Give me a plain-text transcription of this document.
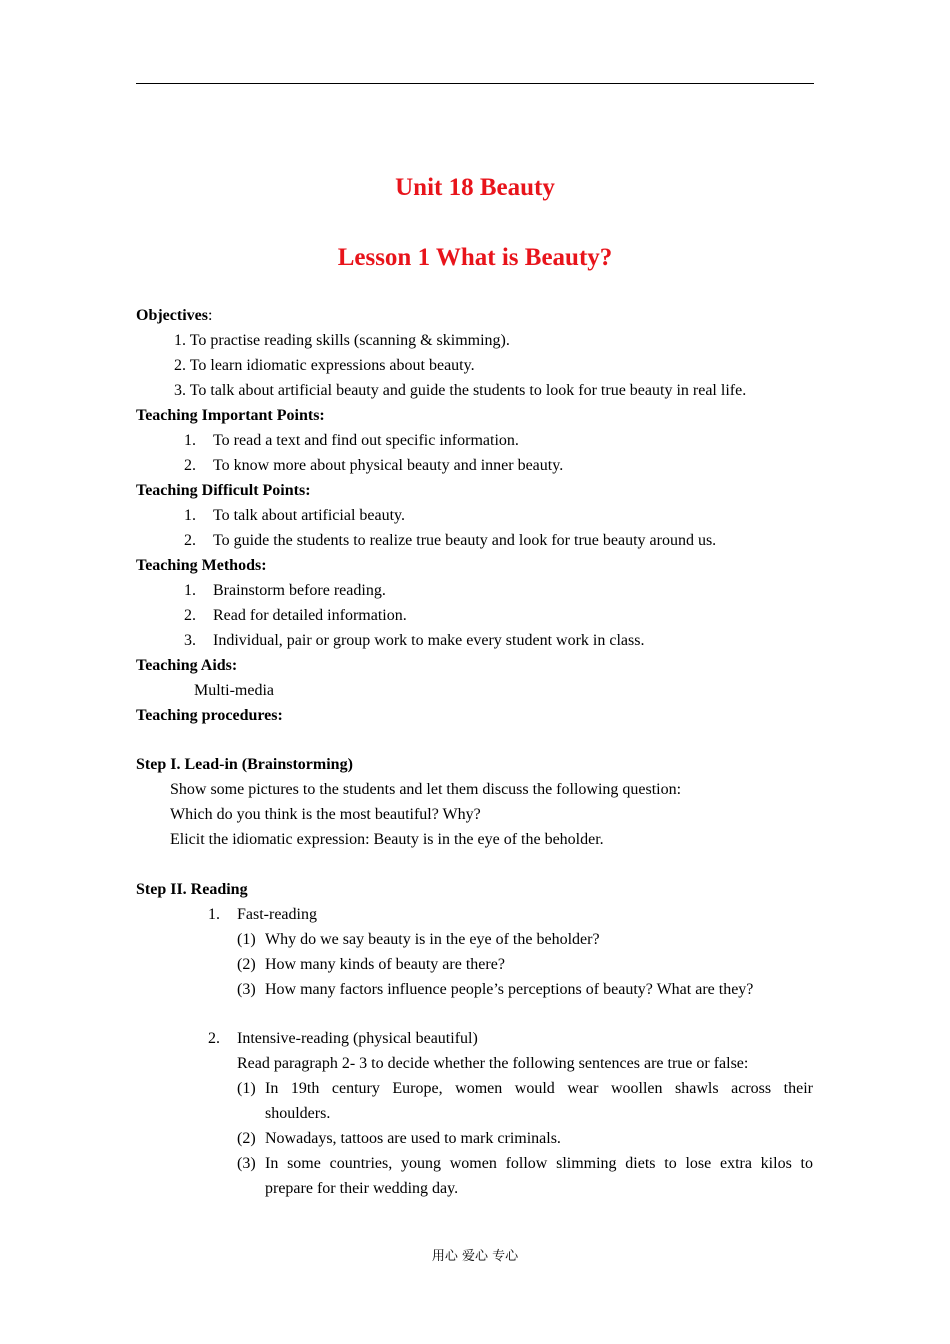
Unit 18 Beauty
Lesson 1 What is Beauty?
Objectives:
1. To practise reading skills (scanning & skimming).
2. To learn idiomatic expressions about beauty.
3. To talk about artificial beauty and guide the students to look for true beauty in real life.
Teaching Important Points:
1. To read a text and find out specific information.
2. To know more about physical beauty and inner beauty.
Teaching Difficult Points:
1. To talk about artificial beauty.
2. To guide the students to realize true beauty and look for true beauty around us.
Teaching Methods:
1. Brainstorm before reading.
2. Read for detailed information.
3. Individual, pair or group work to make every student work in class.
Teaching Aids:
Multi-media
Teaching procedures:
Step I. Lead-in (Brainstorming)
Show some pictures to the students and let them discuss the following question:
Which do you think is the most beautiful? Why?
Elicit the idiomatic expression: Beauty is in the eye of the beholder.
Step II. Reading
1. Fast-reading
(1) Why do we say beauty is in the eye of the beholder?
(2) How many kinds of beauty are there?
(3) How many factors influence people’s perceptions of beauty? What are they?
2. Intensive-reading (physical beautiful)
Read paragraph 2- 3 to decide whether the following sentences are true or false:
(1) In 19th century Europe, women would wear woollen shawls across their
shoulders.
(2) Nowadays, tattoos are used to mark criminals.
(3) In some countries, young women follow slimming diets to lose extra kilos to
prepare for their wedding day.
用心 爱心 专心
